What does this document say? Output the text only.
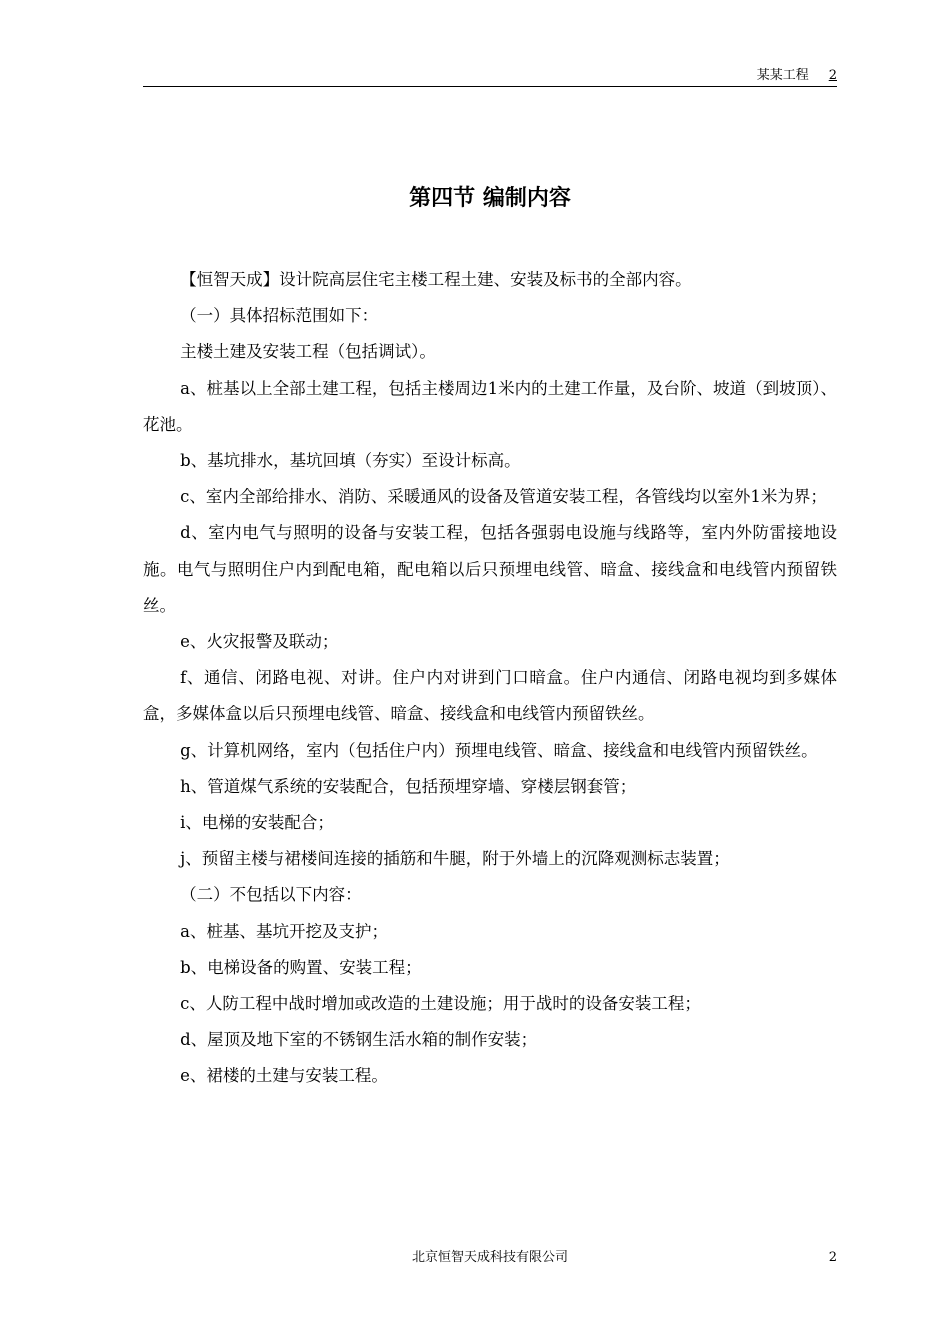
某某工程 2
第四节 编制内容

【恒智天成】设计院高层住宅主楼工程土建、安装及标书的全部内容。

（一）具体招标范围如下：

主楼土建及安装工程（包括调试）。

a、桩基以上全部土建工程，包括主楼周边1米内的土建工作量，及台阶、坡道（到坡顶）、花池。

b、基坑排水，基坑回填（夯实）至设计标高。

c、室内全部给排水、消防、采暖通风的设备及管道安装工程，各管线均以室外1米为界；

d、室内电气与照明的设备与安装工程，包括各强弱电设施与线路等，室内外防雷接地设施。电气与照明住户内到配电箱，配电箱以后只预埋电线管、暗盒、接线盒和电线管内预留铁丝。

e、火灾报警及联动；

f、通信、闭路电视、对讲。住户内对讲到门口暗盒。住户内通信、闭路电视均到多媒体盒，多媒体盒以后只预埋电线管、暗盒、接线盒和电线管内预留铁丝。

g、计算机网络，室内（包括住户内）预埋电线管、暗盒、接线盒和电线管内预留铁丝。

h、管道煤气系统的安装配合，包括预埋穿墙、穿楼层钢套管；

i、电梯的安装配合；

j、预留主楼与裙楼间连接的插筋和牛腿，附于外墙上的沉降观测标志装置；

（二）不包括以下内容：

a、桩基、基坑开挖及支护；

b、电梯设备的购置、安装工程；

c、人防工程中战时增加或改造的土建设施；用于战时的设备安装工程；

d、屋顶及地下室的不锈钢生活水箱的制作安装；

e、裙楼的土建与安装工程。

北京恒智天成科技有限公司	2
